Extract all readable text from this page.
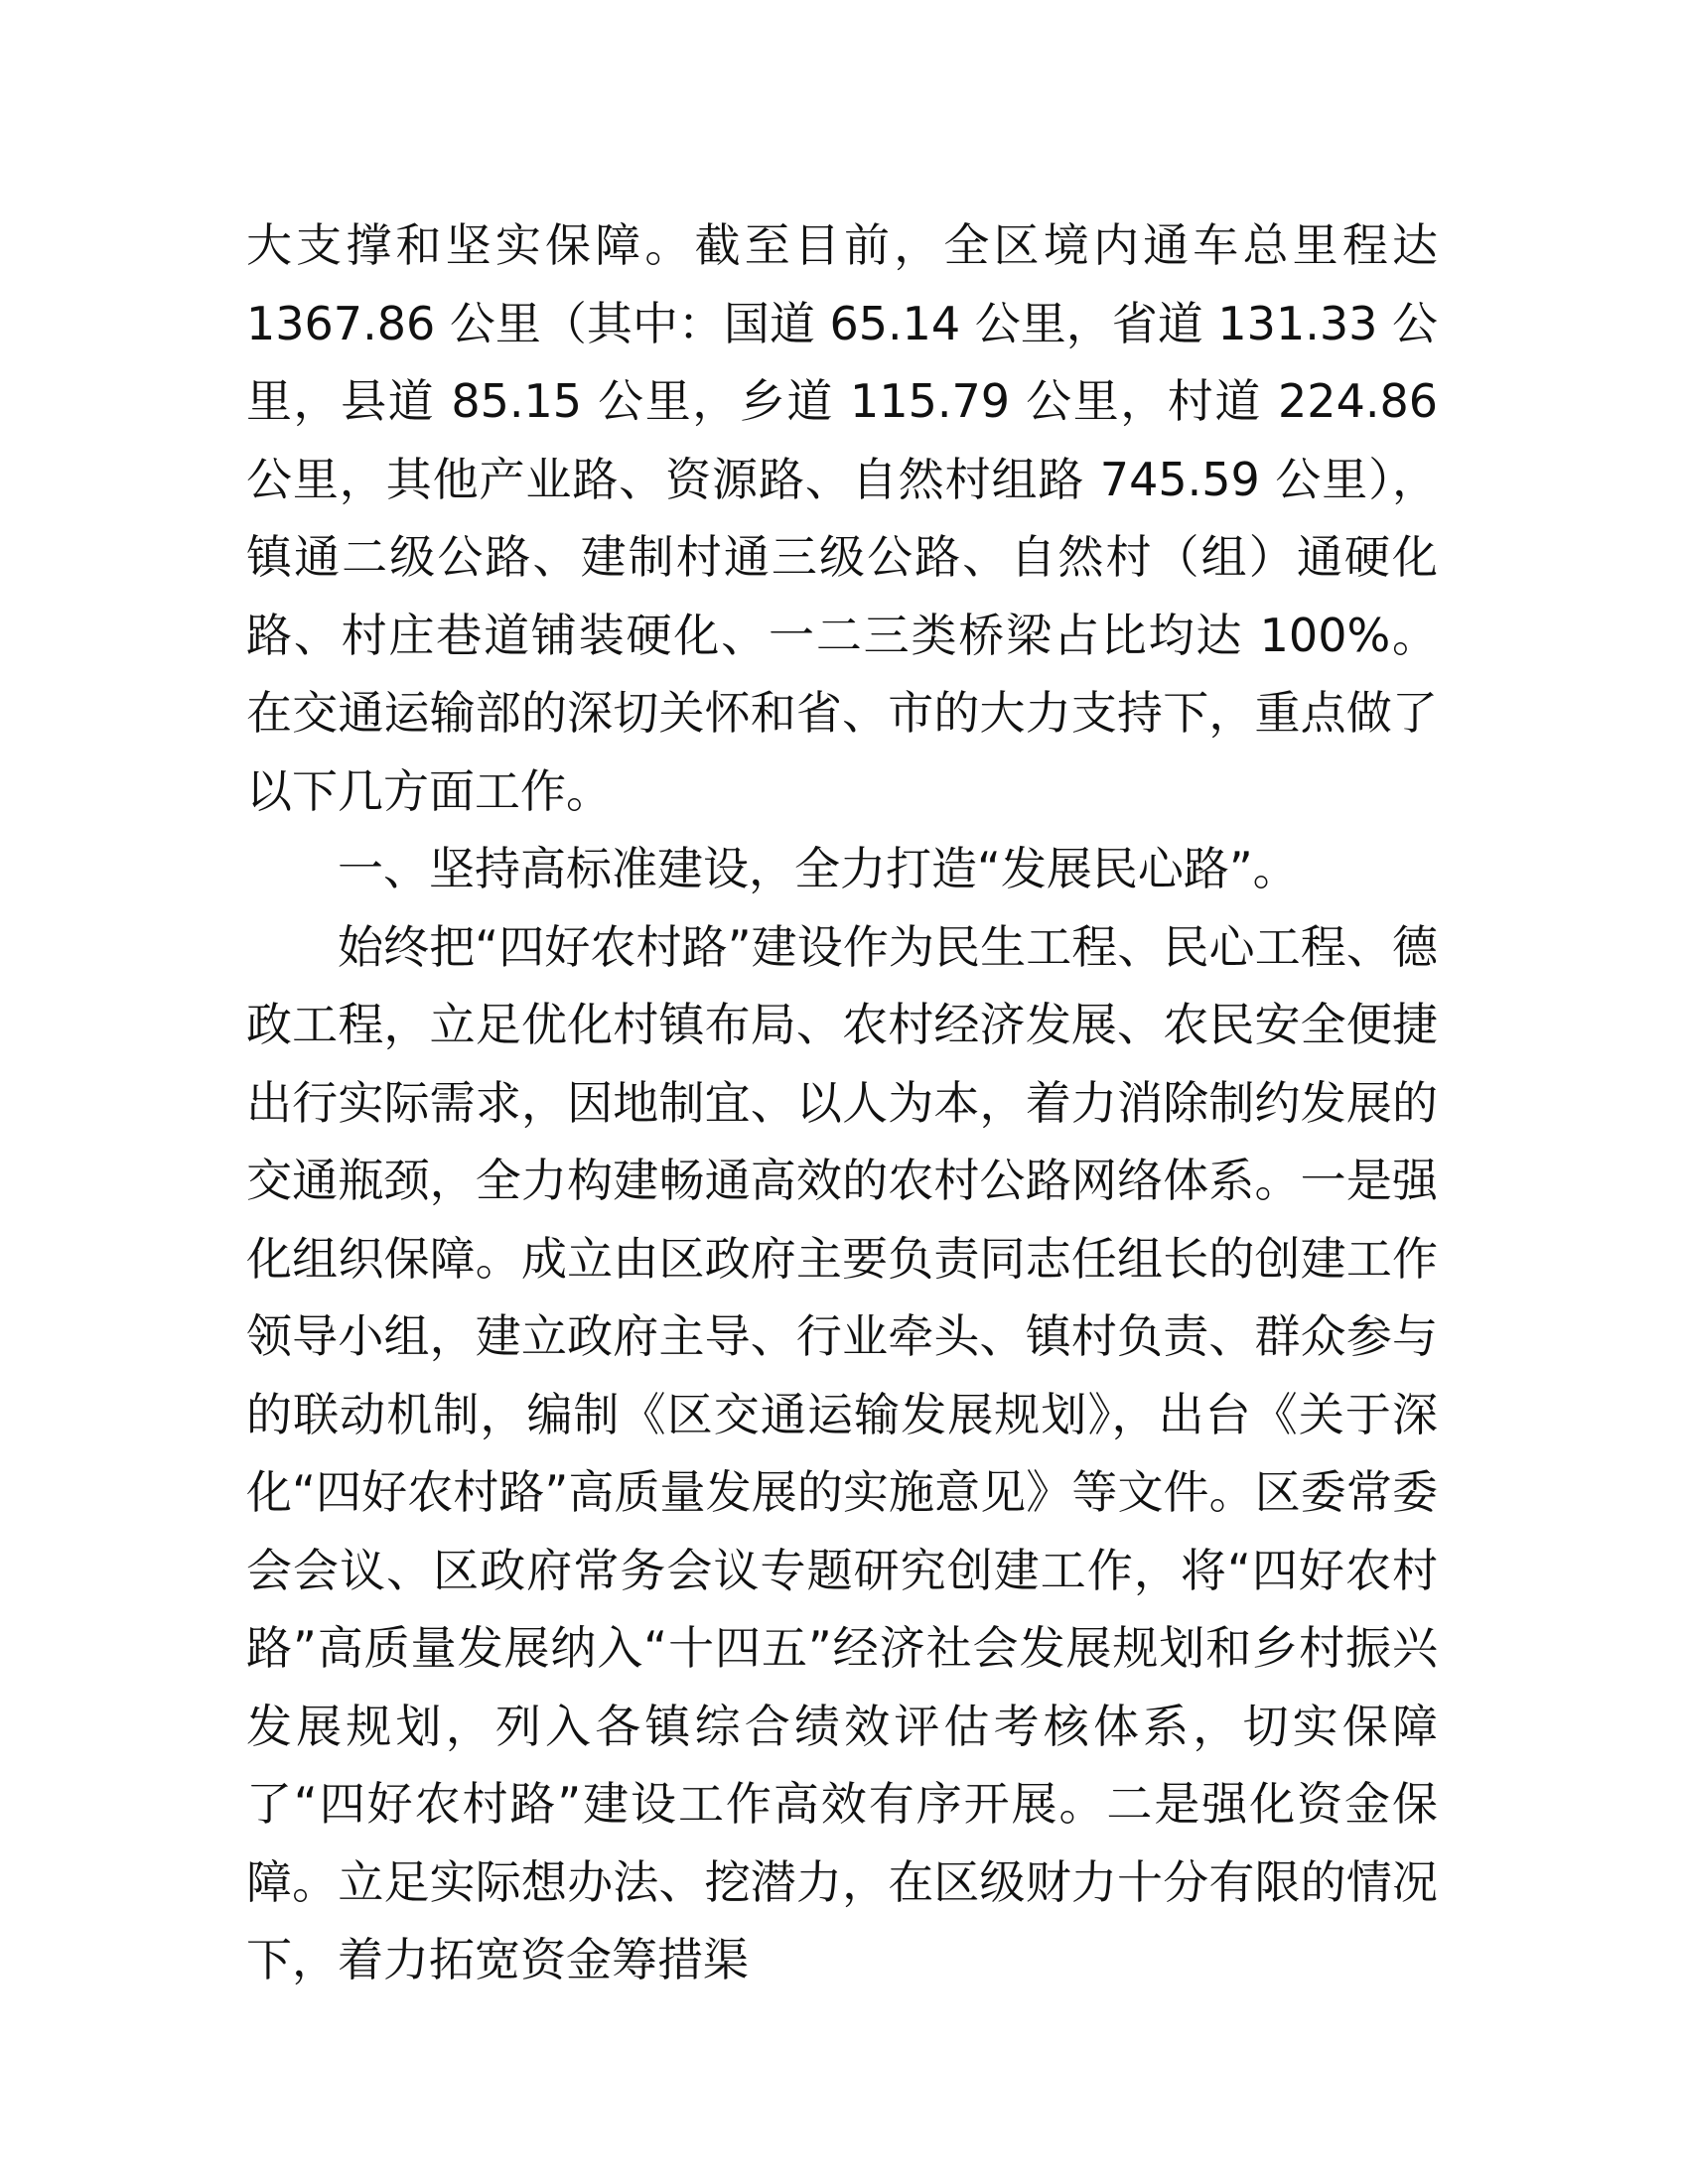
大支撑和坚实保障。截至目前，全区境内通车总里程达1367.86 公里（其中：国道 65.14 公里，省道 131.33 公里，县道 85.15 公里，乡道 115.79 公里，村道 224.86 公里，其他产业路、资源路、自然村组路 745.59 公里），镇通二级公路、建制村通三级公路、自然村（组）通硬化路、村庄巷道铺装硬化、一二三类桥梁占比均达 100%。在交通运输部的深切关怀和省、市的大力支持下，重点做了以下几方面工作。

一、坚持高标准建设，全力打造“发展民心路”。

始终把“四好农村路”建设作为民生工程、民心工程、德政工程，立足优化村镇布局、农村经济发展、农民安全便捷出行实际需求，因地制宜、以人为本，着力消除制约发展的交通瓶颈，全力构建畅通高效的农村公路网络体系。一是强化组织保障。成立由区政府主要负责同志任组长的创建工作领导小组，建立政府主导、行业牵头、镇村负责、群众参与的联动机制，编制《区交通运输发展规划》，出台《关于深化“四好农村路”高质量发展的实施意见》等文件。区委常委会会议、区政府常务会议专题研究创建工作，将“四好农村路”高质量发展纳入“十四五”经济社会发展规划和乡村振兴发展规划，列入各镇综合绩效评估考核体系，切实保障了“四好农村路”建设工作高效有序开展。二是强化资金保障。立足实际想办法、挖潜力，在区级财力十分有限的情况下，着力拓宽资金筹措渠
